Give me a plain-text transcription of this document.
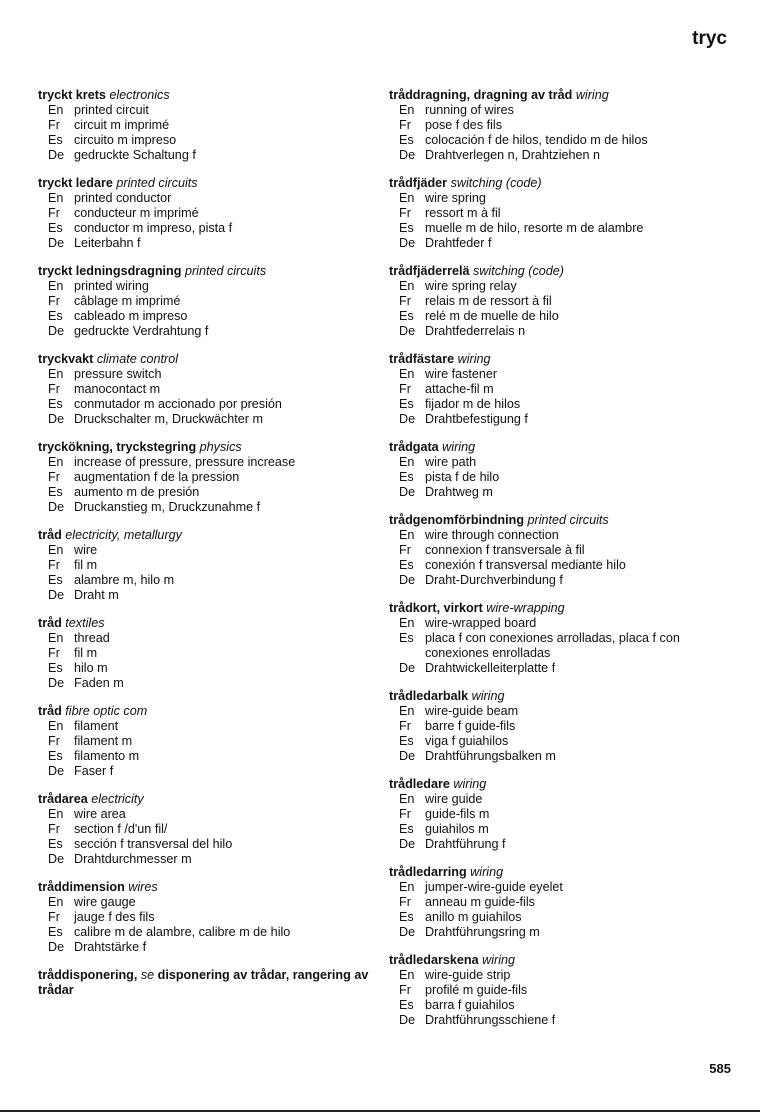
tryc
tryckt krets electronics
En printed circuit
Fr	circuit m imprimé
Es circuito m impreso
De gedruckte Schaltung f
tryckt ledare printed circuits
En printed conductor
Fr	conducteur m imprimé
Es conductor m impreso, pista f
De Leiterbahn f
tryckt ledningsdragning printed circuits
En printed wiring
Fr	câblage m imprimé
Es cableado m impreso
De gedruckte Verdrahtung f
tryckvakt climate control
En pressure switch
Fr	manocontact m
Es conmutador m accionado por presión
De Druckschalter m, Druckwächter m
tryckökning, tryckstegring physics
En increase of pressure, pressure increase
Fr	augmentation f de la pression
Es aumento m de presión
De Druckanstieg m, Druckzunahme f
tråd electricity, metallurgy
En wire
Fr	fil m
Es alambre m, hilo m
De Draht m
tråd textiles
En thread
Fr	fil m
Es hilo m
De Faden m
tråd fibre optic com
En filament
Fr	filament m
Es filamento m
De Faser f
trådarea electricity
En wire area
Fr	section f /d'un fil/
Es sección f transversal del hilo
De Drahtdurchmesser m
tråddimension wires
En wire gauge
Fr	jauge f des fils
Es calibre m de alambre, calibre m de hilo
De Drahtstärke f
tråddisponering, se disponering av trådar, rangering av trådar
tråddragning, dragning av tråd wiring
En running of wires
Fr	pose f des fils
Es colocación f de hilos, tendido m de hilos
De Drahtverlegen n, Drahtziehen n
trådfjäder switching (code)
En wire spring
Fr	ressort m à fil
Es muelle m de hilo, resorte m de alambre
De Drahtfeder f
trådfjäderrelä switching (code)
En wire spring relay
Fr	relais m de ressort à fil
Es relé m de muelle de hilo
De Drahtfederrelais n
trådfästare wiring
En wire fastener
Fr	attache-fil m
Es fijador m de hilos
De Drahtbefestigung f
trådgata wiring
En wire path
Es pista f de hilo
De Drahtweg m
trådgenomförbindning printed circuits
En wire through connection
Fr	connexion f transversale à fil
Es conexión f transversal mediante hilo
De Draht-Durchverbindung f
trådkort, virkort wire-wrapping
En wire-wrapped board
Es placa f con conexiones arrolladas, placa f con conexiones enrolladas
De Drahtwickelleiterplatte f
trådledarbalk wiring
En wire-guide beam
Fr	barre f guide-fils
Es viga f guiahilos
De Drahtführungsbalken m
trådledare wiring
En wire guide
Fr	guide-fils m
Es guiahilos m
De Drahtführung f
trådledarring wiring
En jumper-wire-guide eyelet
Fr	anneau m guide-fils
Es anillo m guiahilos
De Drahtführungsring m
trådledarskena wiring
En wire-guide strip
Fr	profilé m guide-fils
Es barra f guiahilos
De Drahtführungsschiene f
585
